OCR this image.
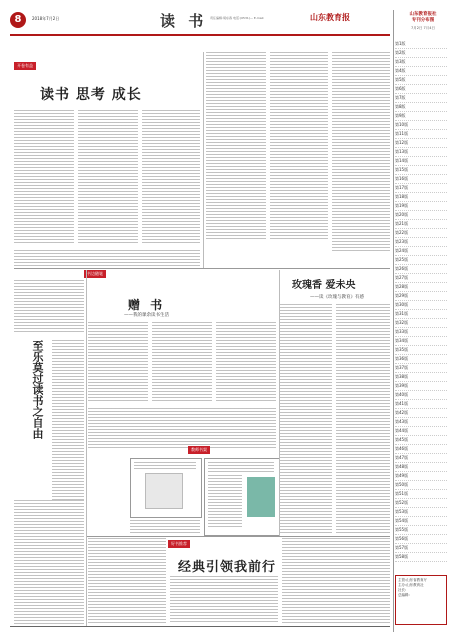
8	2018年7月2日	读 书 责任编辑:胡东春 电话:(0531)— E-mail:	山东教育报	山东教育报社
专刊分布图
7月2日 7月4日
第1版
第2版
第3版
第4版
第5版
第6版
第7版
第8版
第9版
第10版
第11版
第12版
第13版
第14版
第15版
第16版
第17版
第18版
第19版
第20版
第21版
第22版
第23版
第24版
第25版
第26版
第27版
第28版
第29版
第30版
第31版
第32版
第33版
第34版
第35版
第36版
第37版
第38版
第39版
第40版
第41版
第42版
第43版
第44版
第45版
第46版
第47版
第48版
第49版
第50版
第51版
第52版
第53版
第54版
第55版
第56版
第57版
第58版
主管:山东省教育厅
主办:山东教育社
社长:
总编辑:
开卷有益
读书 思考 成长
玫瑰香 爱未央
——读《玫瑰与教育》有感
书边随笔
赠 书
——我的课余读书生活
至乐莫过读书之自由
教师书架
好书推荐
经典引领我前行
